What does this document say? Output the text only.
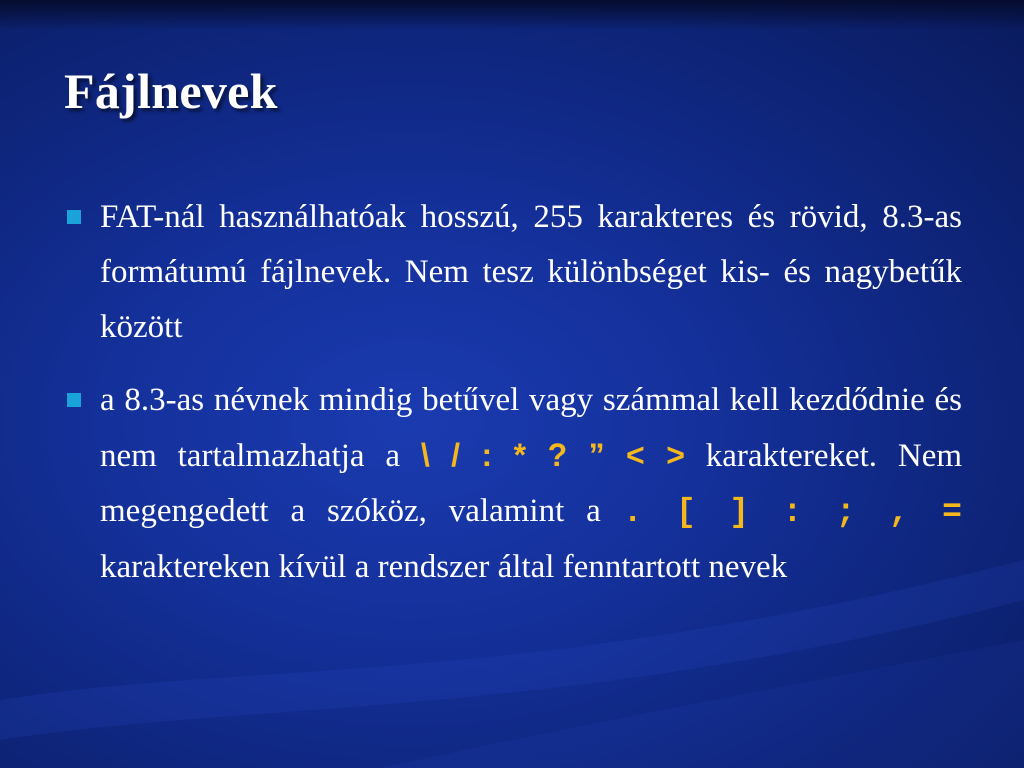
Fájlnevek
FAT-nál használhatóak hosszú, 255 karakteres és rövid, 8.3-as formátumú fájlnevek. Nem tesz különbséget kis- és nagybetűk között
a 8.3-as névnek mindig betűvel vagy számmal kell kezdődnie és nem tartalmazhatja a \ / : * ? ” < > karaktereket. Nem megengedett a szóköz, valamint a . [ ] : ; , = karaktereken kívül a rendszer által fenntartott nevek
